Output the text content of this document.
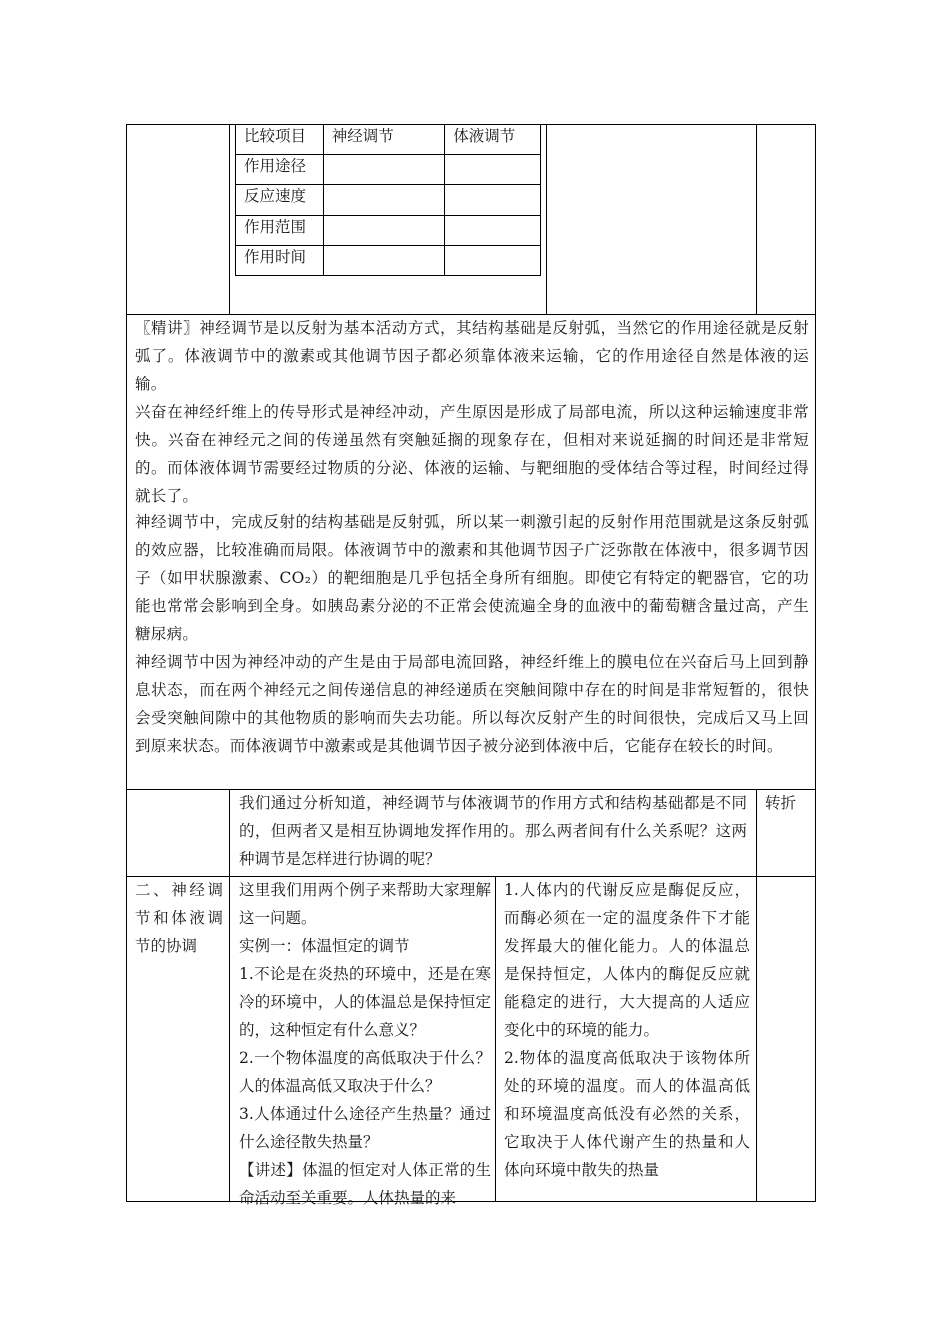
比较项目	神经调节	体液调节
作用途径		
反应速度		
作用范围		
作用时间		
〖精讲〗神经调节是以反射为基本活动方式，其结构基础是反射弧，当然它的作用途径就是反射弧了。体液调节中的激素或其他调节因子都必须靠体液来运输，它的作用途径自然是体液的运输。
兴奋在神经纤维上的传导形式是神经冲动，产生原因是形成了局部电流，所以这种运输速度非常快。兴奋在神经元之间的传递虽然有突触延搁的现象存在，但相对来说延搁的时间还是非常短的。而体液体调节需要经过物质的分泌、体液的运输、与靶细胞的受体结合等过程，时间经过得就长了。
神经调节中，完成反射的结构基础是反射弧，所以某一刺激引起的反射作用范围就是这条反射弧的效应器，比较准确而局限。体液调节中的激素和其他调节因子广泛弥散在体液中，很多调节因子（如甲状腺激素、CO₂）的靶细胞是几乎包括全身所有细胞。即使它有特定的靶器官，它的功能也常常会影响到全身。如胰岛素分泌的不正常会使流遍全身的血液中的葡萄糖含量过高，产生糖尿病。
神经调节中因为神经冲动的产生是由于局部电流回路，神经纤维上的膜电位在兴奋后马上回到静息状态，而在两个神经元之间传递信息的神经递质在突触间隙中存在的时间是非常短暂的，很快会受突触间隙中的其他物质的影响而失去功能。所以每次反射产生的时间很快，完成后又马上回到原来状态。而体液调节中激素或是其他调节因子被分泌到体液中后，它能存在较长的时间。
我们通过分析知道，神经调节与体液调节的作用方式和结构基础都是不同的，但两者又是相互协调地发挥作用的。那么两者间有什么关系呢？这两种调节是怎样进行协调的呢？
转折
二、神经调节和体液调节的协调
这里我们用两个例子来帮助大家理解这一问题。
实例一：体温恒定的调节
1.不论是在炎热的环境中，还是在寒冷的环境中，人的体温总是保持恒定的，这种恒定有什么意义？
2.一个物体温度的高低取决于什么？人的体温高低又取决于什么？
3.人体通过什么途径产生热量？通过什么途径散失热量？
【讲述】体温的恒定对人体正常的生命活动至关重要。人体热量的来
1.人体内的代谢反应是酶促反应，而酶必须在一定的温度条件下才能发挥最大的催化能力。人的体温总是保持恒定，人体内的酶促反应就能稳定的进行，大大提高的人适应变化中的环境的能力。
2.物体的温度高低取决于该物体所处的环境的温度。而人的体温高低和环境温度高低没有必然的关系，它取决于人体代谢产生的热量和人体向环境中散失的热量
